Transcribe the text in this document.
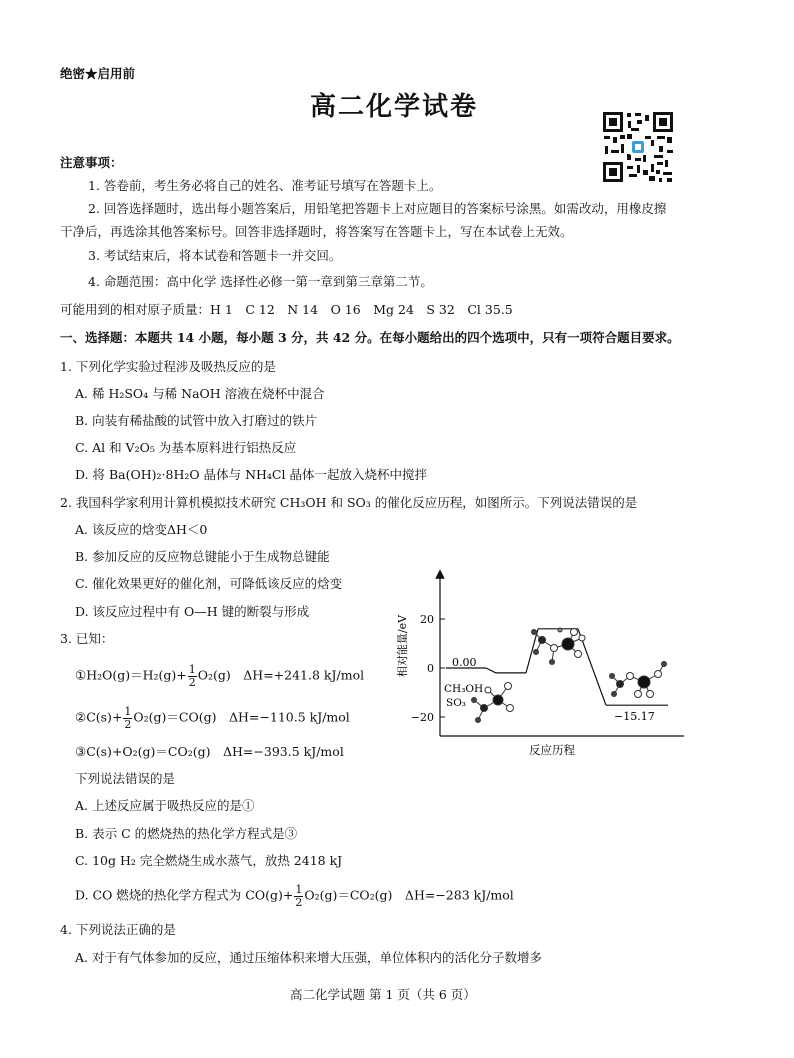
绝密★启用前
高二化学试卷
注意事项：
1. 答卷前，考生务必将自己的姓名、准考证号填写在答题卡上。
2. 回答选择题时，选出每小题答案后，用铅笔把答题卡上对应题目的答案标号涂黑。如需改动，用橡皮擦
干净后，再选涂其他答案标号。回答非选择题时，将答案写在答题卡上，写在本试卷上无效。
3. 考试结束后，将本试卷和答题卡一并交回。
4. 命题范围：高中化学 选择性必修一第一章到第三章第二节。
可能用到的相对原子质量：H 1　C 12　N 14　O 16　Mg 24　S 32　Cl 35.5
一、选择题：本题共 14 小题，每小题 3 分，共 42 分。在每小题给出的四个选项中，只有一项符合题目要求。
1. 下列化学实验过程涉及吸热反应的是
A. 稀 H₂SO₄ 与稀 NaOH 溶液在烧杯中混合
B. 向装有稀盐酸的试管中放入打磨过的铁片
C. Al 和 V₂O₅ 为基本原料进行铝热反应
D. 将 Ba(OH)₂·8H₂O 晶体与 NH₄Cl 晶体一起放入烧杯中搅拌
2. 我国科学家利用计算机模拟技术研究 CH₃OH 和 SO₃ 的催化反应历程，如图所示。下列说法错误的是
A. 该反应的焓变ΔH＜0
B. 参加反应的反应物总键能小于生成物总键能
C. 催化效果更好的催化剂，可降低该反应的焓变
D. 该反应过程中有 O—H 键的断裂与形成
3. 已知：
①H₂O(g)＝H₂(g)+ $\frac{1}{2} O_2(g)$　ΔH=+241.8 kJ/mol
②C(s)+ $\frac{1}{2} O_2(g)=CO(g)$　ΔH=−110.5 kJ/mol
③C(s)+O₂(g)＝CO₂(g)　ΔH=−393.5 kJ/mol
下列说法错误的是
A. 上述反应属于吸热反应的是①
B. 表示 C 的燃烧热的热化学方程式是③
C. 10g H₂ 完全燃烧生成水蒸气，放热 2418 kJ
D. CO 燃烧的热化学方程式为 $CO(g)+ \frac{1}{2} O_2(g)=CO_2(g)$　ΔH=−283 kJ/mol
4. 下列说法正确的是
A. 对于有气体参加的反应，通过压缩体积来增大压强，单位体积内的活化分子数增多
高二化学试题 第 1 页（共 6 页）
20
0
−20
相对能量/eV
反应历程
0.00
−15.17
CH₃OH
SO₃
